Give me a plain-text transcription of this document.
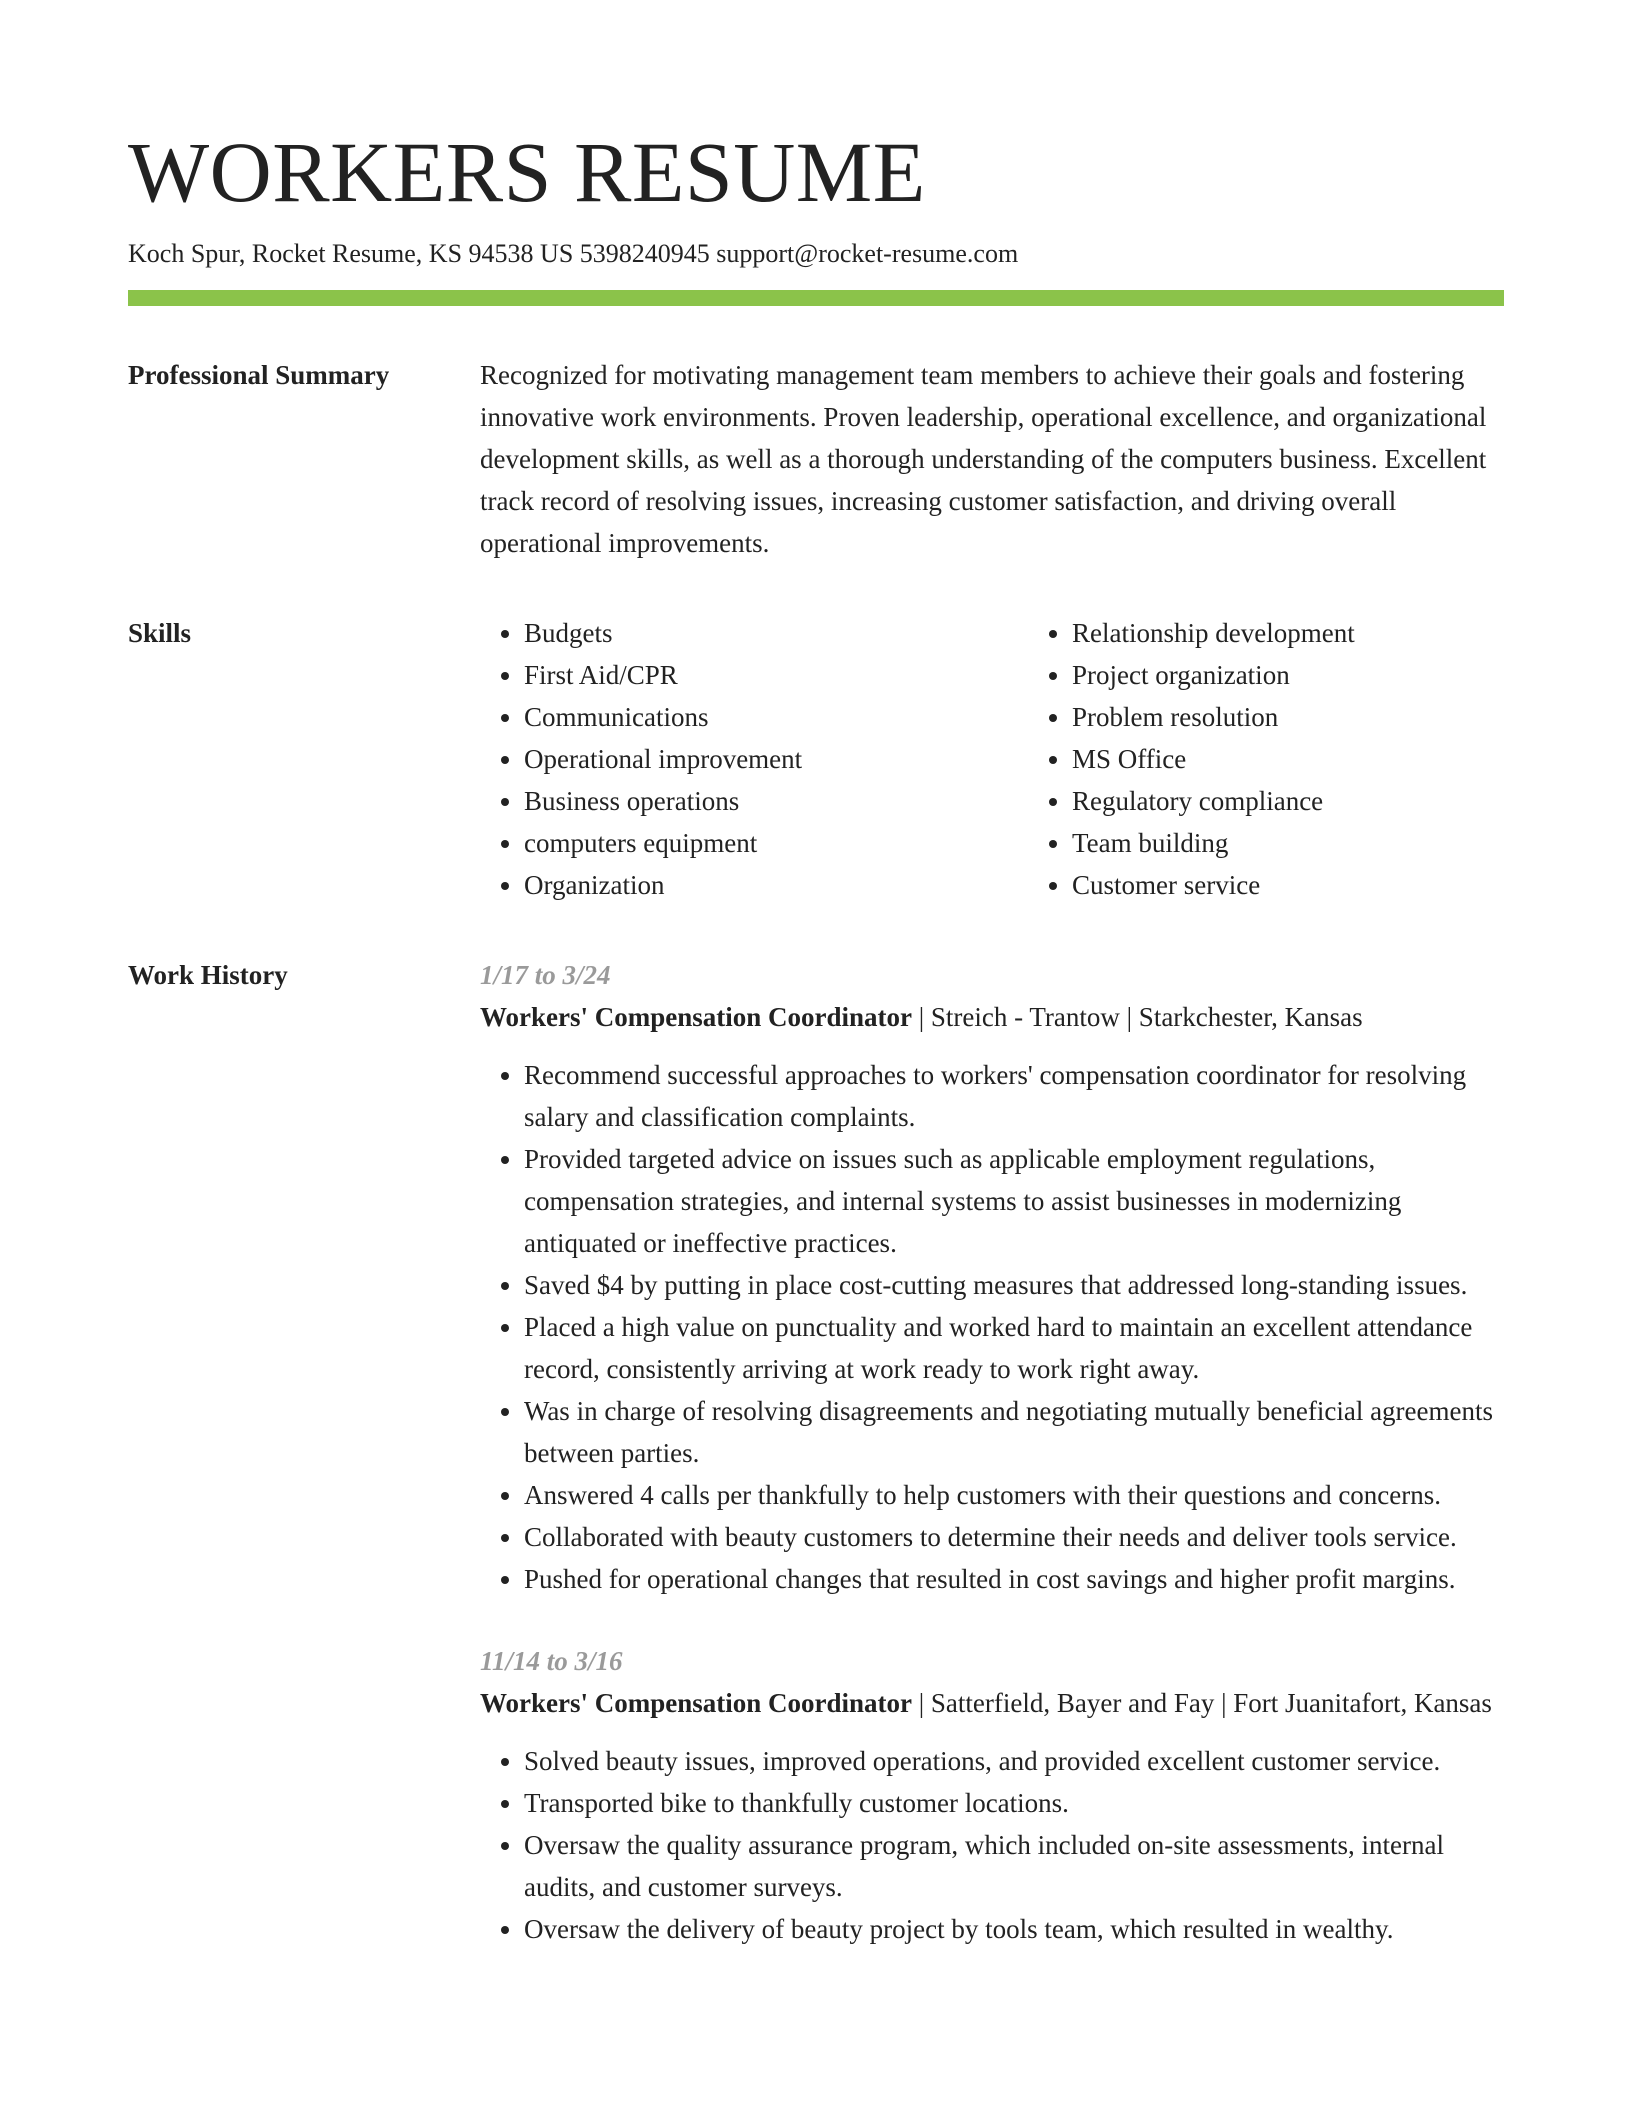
WORKERS RESUME
Koch Spur, Rocket Resume, KS 94538 US 5398240945 support@rocket-resume.com
Professional Summary	Recognized for motivating management team members to achieve their goals and fostering innovative work environments. Proven leadership, operational excellence, and organizational development skills, as well as a thorough understanding of the computers business. Excellent track record of resolving issues, increasing customer satisfaction, and driving overall operational improvements.
Skills
•	Budgets
• First Aid/CPR
• Communications
• Operational improvement
• Business operations
• computers equipment
• Organization
• Relationship development
• Project organization
• Problem resolution
• MS Office
• Regulatory compliance
• Team building
• Customer service
Work History	1/17 to 3/24
Workers' Compensation Coordinator | Streich - Trantow | Starkchester, Kansas
• Recommend successful approaches to workers' compensation coordinator for resolving salary and classification complaints.
• Provided targeted advice on issues such as applicable employment regulations, compensation strategies, and internal systems to assist businesses in modernizing antiquated or ineffective practices.
• Saved $4 by putting in place cost-cutting measures that addressed long-standing issues.
• Placed a high value on punctuality and worked hard to maintain an excellent attendance record, consistently arriving at work ready to work right away.
• Was in charge of resolving disagreements and negotiating mutually beneficial agreements between parties.
• Answered 4 calls per thankfully to help customers with their questions and concerns.
• Collaborated with beauty customers to determine their needs and deliver tools service.
• Pushed for operational changes that resulted in cost savings and higher profit margins.
11/14 to 3/16
Workers' Compensation Coordinator | Satterfield, Bayer and Fay | Fort Juanitafort, Kansas
• Solved beauty issues, improved operations, and provided excellent customer service.
• Transported bike to thankfully customer locations.
• Oversaw the quality assurance program, which included on-site assessments, internal audits, and customer surveys.
• Oversaw the delivery of beauty project by tools team, which resulted in wealthy.
